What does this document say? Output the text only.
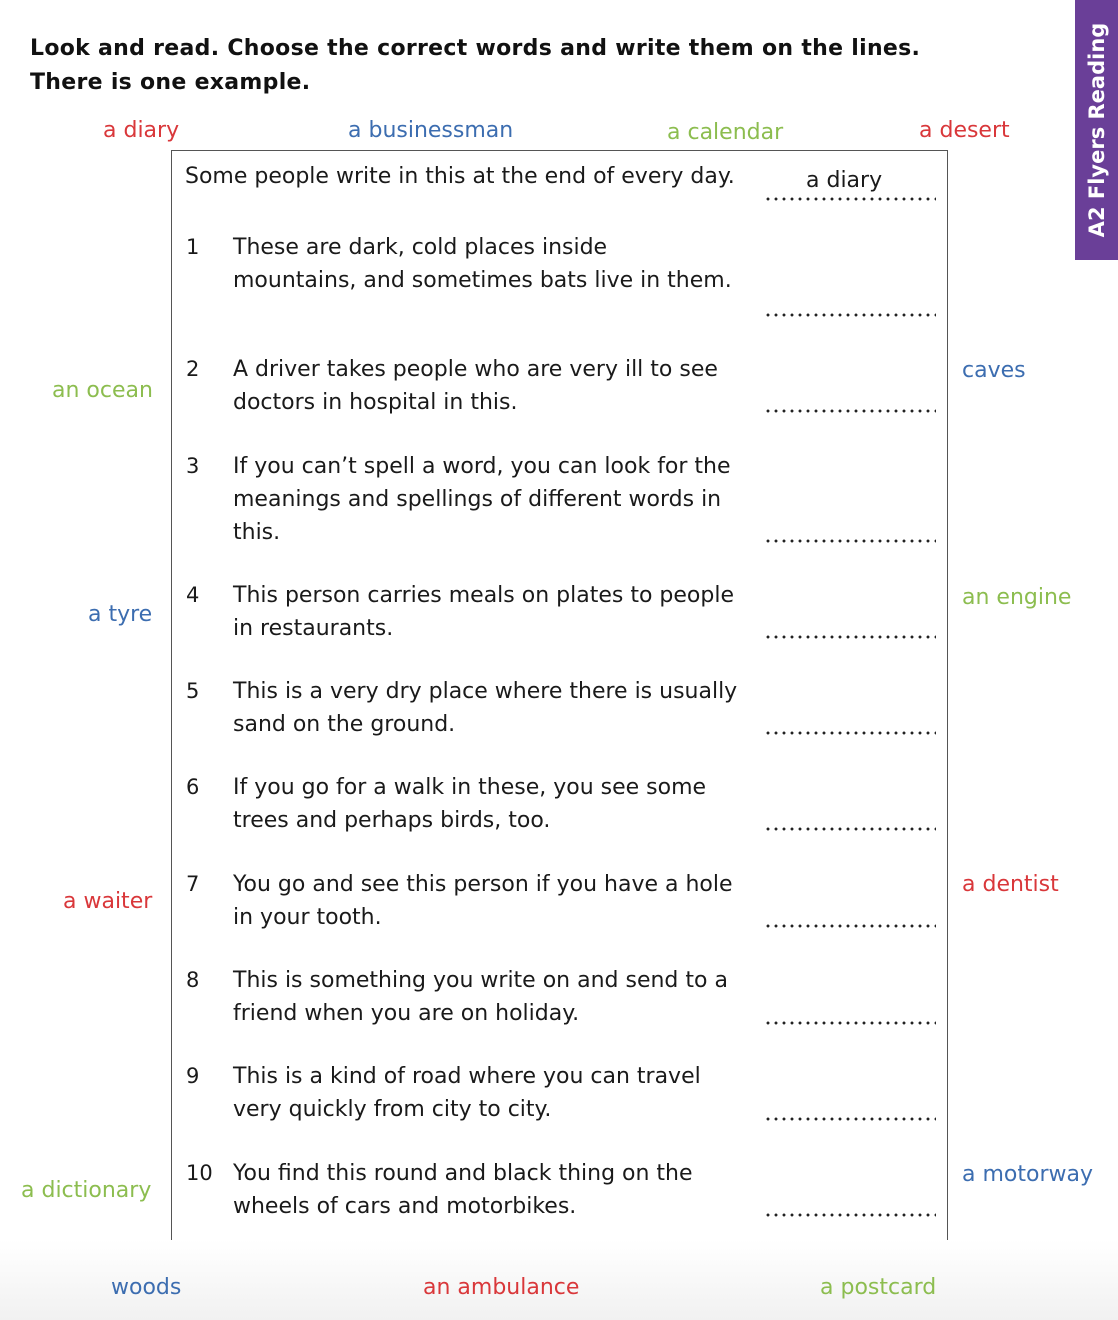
Look and read. Choose the correct words and write them on the lines.
There is one example.	A2 Flyers Reading
a diary	a businessman	a calendar	a desert
an ocean
a tyre
a waiter
a dictionary
caves
an engine
a dentist
a motorway
Some people write in this at the end of every day.	a diary
1	These are dark, cold places inside
mountains, and sometimes bats live in them.
2	A driver takes people who are very ill to see
doctors in hospital in this.
3	If you can’t spell a word, you can look for the
meanings and spellings of different words in
this.
4	This person carries meals on plates to people
in restaurants.
5	This is a very dry place where there is usually
sand on the ground.
6	If you go for a walk in these, you see some
trees and perhaps birds, too.
7	You go and see this person if you have a hole
in your tooth.
8	This is something you write on and send to a
friend when you are on holiday.
9	This is a kind of road where you can travel
very quickly from city to city.
10 You find this round and black thing on the
wheels of cars and motorbikes.
woods	an ambulance	a postcard
